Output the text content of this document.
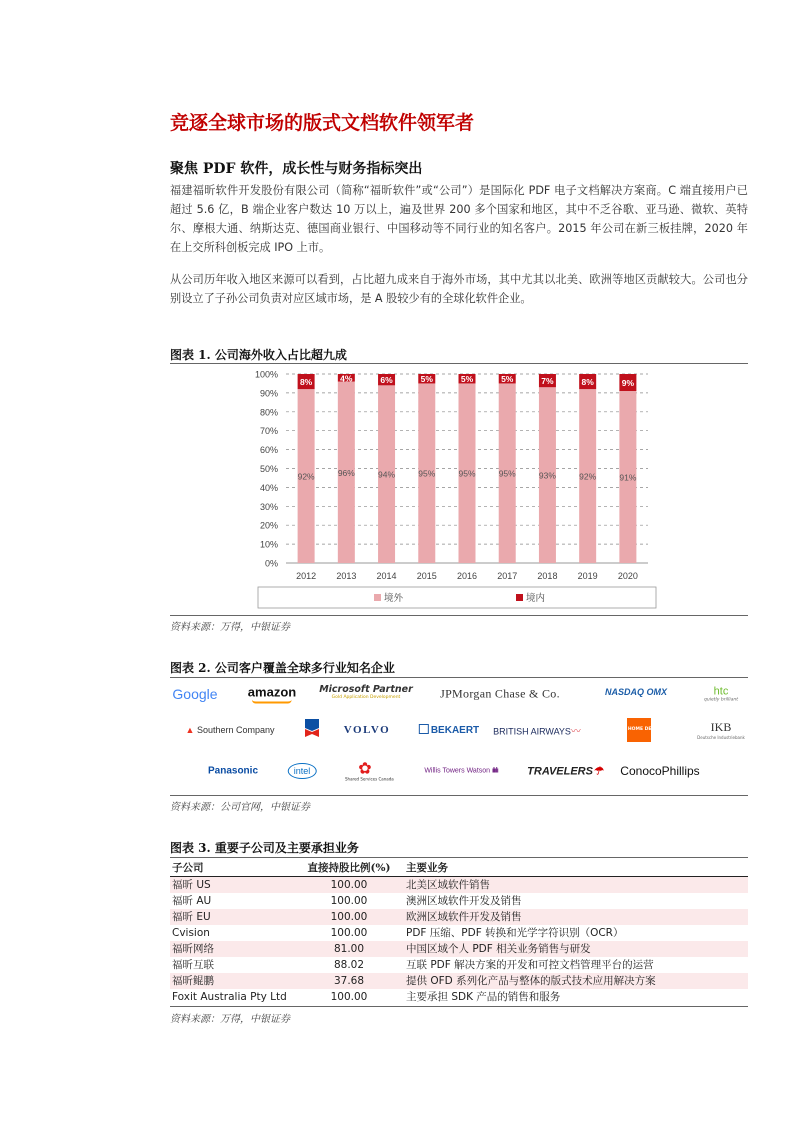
竞逐全球市场的版式文档软件领军者
聚焦 PDF 软件，成长性与财务指标突出
福建福昕软件开发股份有限公司（简称“福昕软件”或“公司”）是国际化 PDF 电子文档解决方案商。C 端直接用户已超过 5.6 亿，B 端企业客户数达 10 万以上，遍及世界 200 多个国家和地区，其中不乏谷歌、亚马逊、微软、英特尔、摩根大通、纳斯达克、德国商业银行、中国移动等不同行业的知名客户。2015 年公司在新三板挂牌，2020 年在上交所科创板完成 IPO 上市。
从公司历年收入地区来源可以看到，占比超九成来自于海外市场，其中尤其以北美、欧洲等地区贡献较大。公司也分别设立了子孙公司负责对应区域市场，是 A 股较少有的全球化软件企业。
图表 1. 公司海外收入占比超九成
0%
10%
20%
30%
40%
50%
60%
70%
80%
90%
100%
92%
8%
2012
96%
4%
2013
94%
6%
2014
95%
5%
2015
95%
5%
2016
95%
5%
2017
93%
7%
2018
92%
8%
2019
91%
9%
2020
境外	境内
资料来源：万得，中银证券
图表 2. 公司客户覆盖全球多行业知名企业
Google amazon Microsoft Partner
Gold Application Development	JPMorgan Chase & Co.	NASDAQ OMX	htc
quietly brilliant
▲ Southern Company	VOLVO	BEKAERT BRITISH AIRWAYS〰	THE HOME DEPOT	IKB
Deutsche Industriebank
Panasonic	intel	✿
Shared Services Canada
Willis Towers Watson ılıılı	TRAVELERS☂ ConocoPhillips
资料来源：公司官网，中银证券
图表 3. 重要子公司及主要承担业务
子公司	直接持股比例(%)	主要业务
福昕 US	100.00	北美区域软件销售
福昕 AU	100.00	澳洲区域软件开发及销售
福昕 EU	100.00	欧洲区域软件开发及销售
Cvision	100.00	PDF 压缩、PDF 转换和光学字符识别（OCR）
福昕网络	81.00	中国区域个人 PDF 相关业务销售与研发
福昕互联	88.02	互联 PDF 解决方案的开发和可控文档管理平台的运营
福昕鲲鹏	37.68	提供 OFD 系列化产品与整体的版式技术应用解决方案
Foxit Australia Pty Ltd	100.00	主要承担 SDK 产品的销售和服务
资料来源：万得，中银证券
